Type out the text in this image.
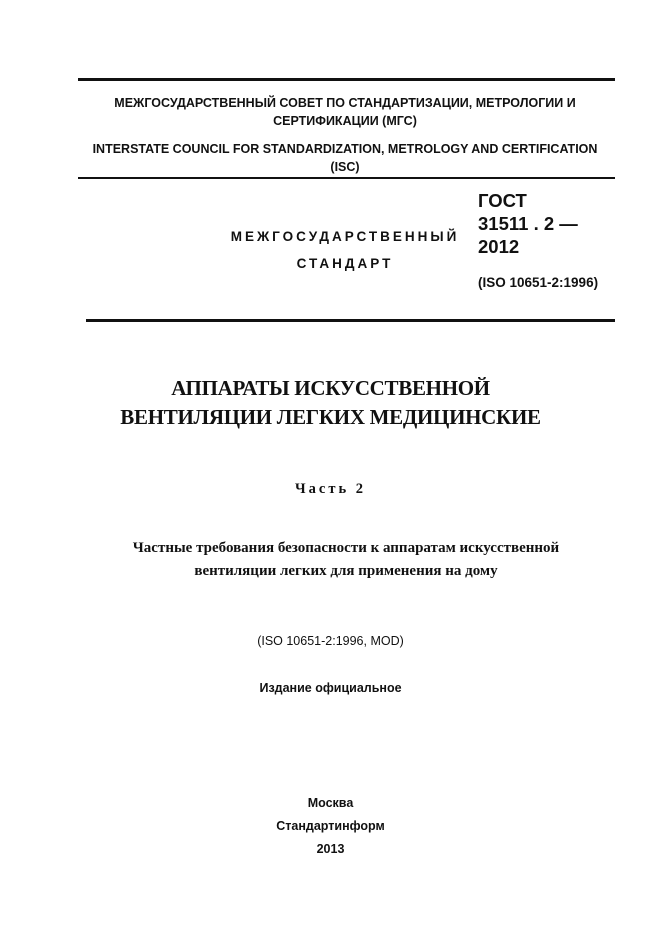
МЕЖГОСУДАРСТВЕННЫЙ СОВЕТ ПО СТАНДАРТИЗАЦИИ, МЕТРОЛОГИИ И СЕРТИФИКАЦИИ (МГС)
INTERSTATE COUNCIL FOR STANDARDIZATION, METROLOGY AND CERTIFICATION (ISC)
МЕЖГОСУДАРСТВЕННЫЙ
СТАНДАРТ
ГОСТ
31511 . 2 —
2012
(ISO 10651-2:1996)
АППАРАТЫ ИСКУССТВЕННОЙ
ВЕНТИЛЯЦИИ ЛЕГКИХ МЕДИЦИНСКИЕ
Часть 2
Частные требования безопасности к аппаратам искусственной вентиляции легких для применения на дому
(ISO 10651-2:1996, MOD)
Издание официальное
Москва
Стандартинформ
2013
